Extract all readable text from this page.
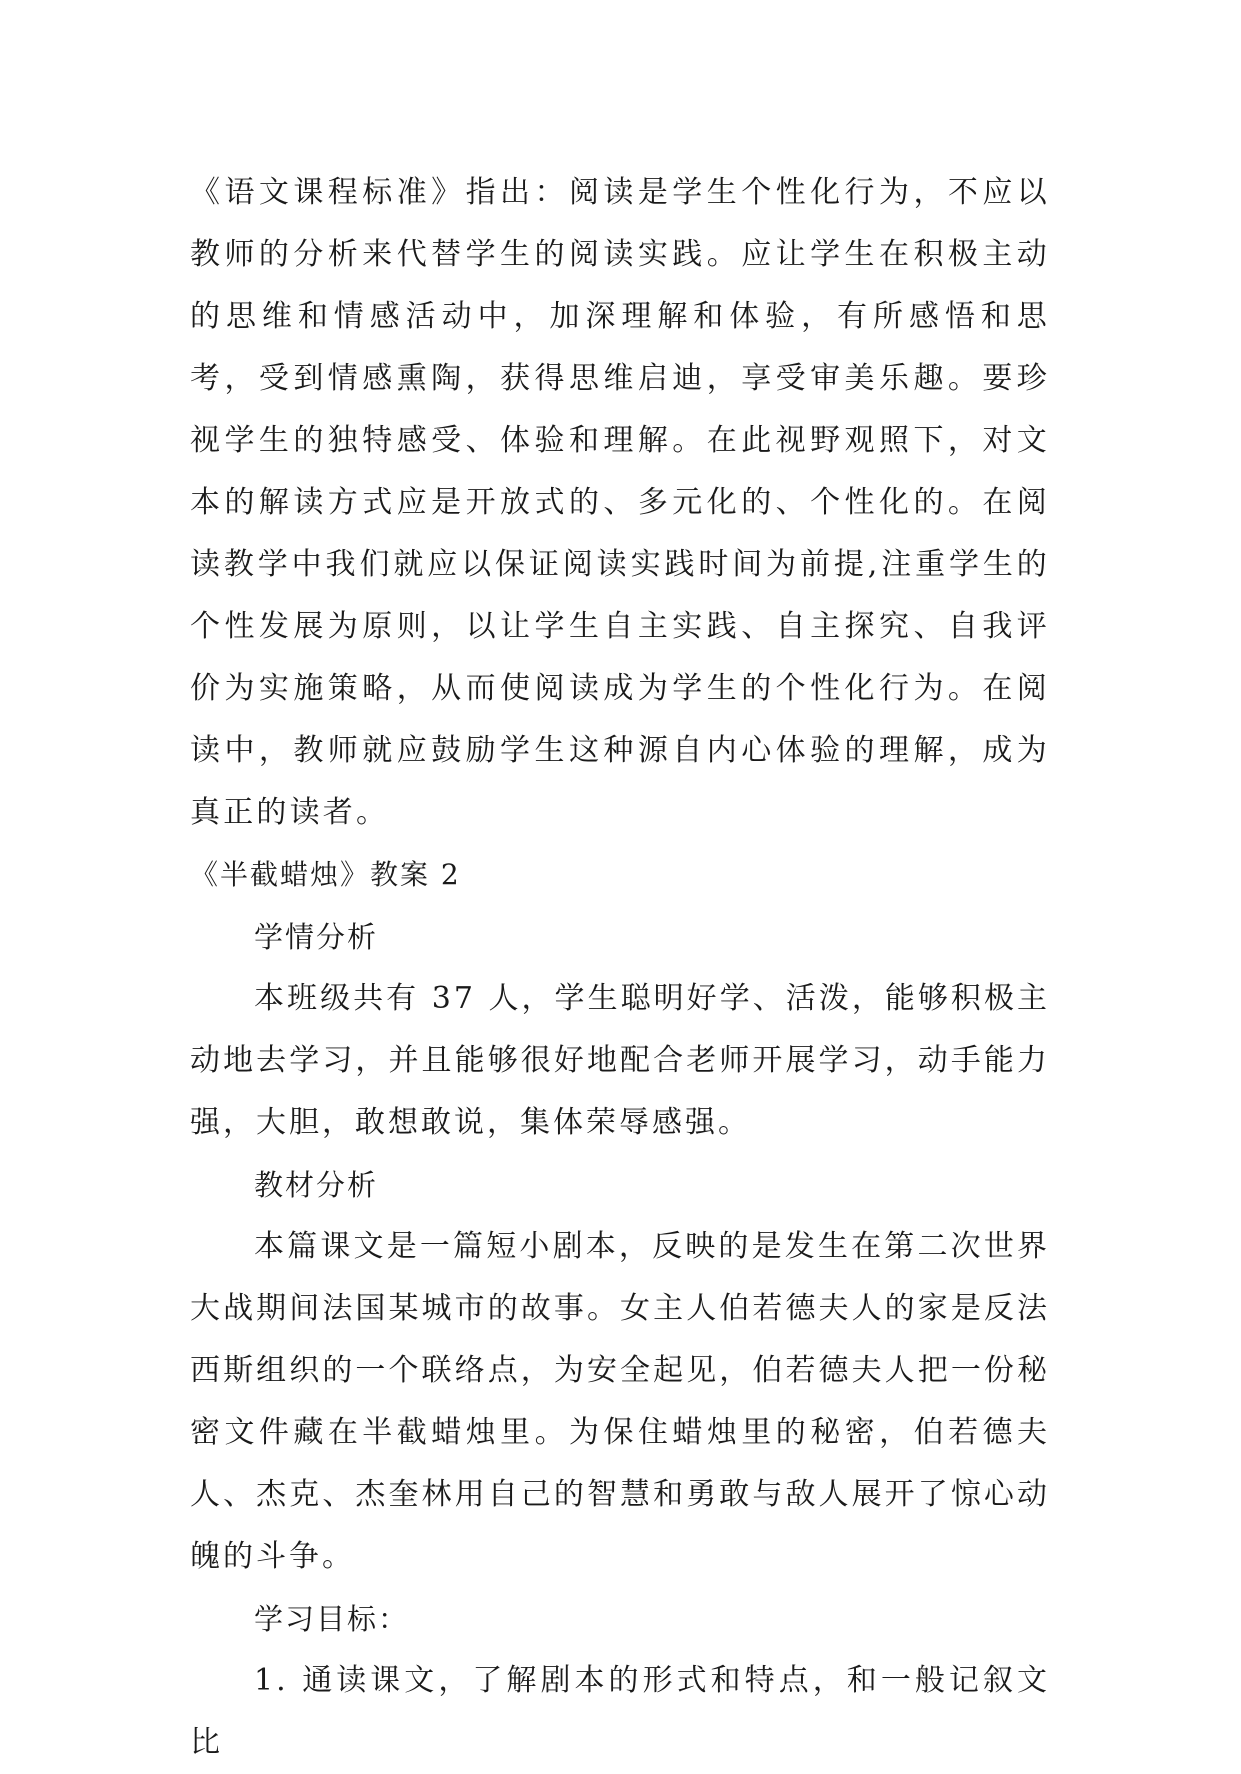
《语文课程标准》指出：阅读是学生个性化行为，不应以教师的分析来代替学生的阅读实践。应让学生在积极主动的思维和情感活动中，加深理解和体验，有所感悟和思考，受到情感熏陶，获得思维启迪，享受审美乐趣。要珍视学生的独特感受、体验和理解。在此视野观照下，对文本的解读方式应是开放式的、多元化的、个性化的。在阅读教学中我们就应以保证阅读实践时间为前提,注重学生的个性发展为原则，以让学生自主实践、自主探究、自我评价为实施策略，从而使阅读成为学生的个性化行为。在阅读中，教师就应鼓励学生这种源自内心体验的理解，成为真正的读者。

《半截蜡烛》教案 2

学情分析

本班级共有 37 人，学生聪明好学、活泼，能够积极主动地去学习，并且能够很好地配合老师开展学习，动手能力强，大胆，敢想敢说，集体荣辱感强。

教材分析

本篇课文是一篇短小剧本，反映的是发生在第二次世界大战期间法国某城市的故事。女主人伯若德夫人的家是反法西斯组织的一个联络点，为安全起见，伯若德夫人把一份秘密文件藏在半截蜡烛里。为保住蜡烛里的秘密，伯若德夫人、杰克、杰奎林用自己的智慧和勇敢与敌人展开了惊心动魄的斗争。

学习目标：

1. 通读课文，了解剧本的形式和特点，和一般记叙文比
